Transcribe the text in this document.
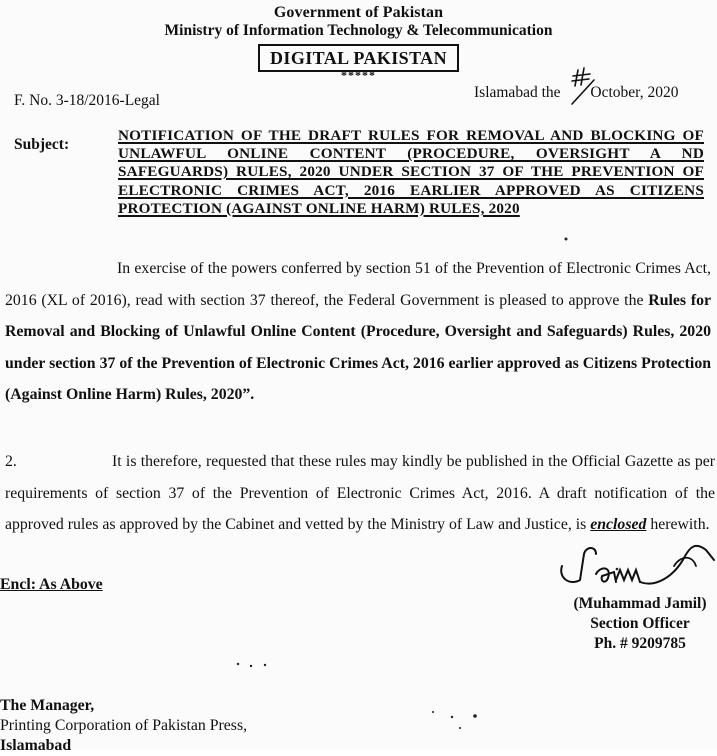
Government of Pakistan
Ministry of Information Technology & Telecommunication
DIGITAL PAKISTAN
*****
F. No. 3-18/2016-Legal	Islamabad the October, 2020
Subject:
NOTIFICATION OF THE DRAFT RULES FOR REMOVAL AND BLOCKING OF UNLAWFUL ONLINE CONTENT (PROCEDURE, OVERSIGHT A ND SAFEGUARDS) RULES, 2020 UNDER SECTION 37 OF THE PREVENTION OF ELECTRONIC CRIMES ACT, 2016 EARLIER APPROVED AS CITIZENS PROTECTION (AGAINST ONLINE HARM) RULES, 2020
In exercise of the powers conferred by section 51 of the Prevention of Electronic Crimes Act, 2016 (XL of 2016), read with section 37 thereof, the Federal Government is pleased to approve the Rules for Removal and Blocking of Unlawful Online Content (Procedure, Oversight and Safeguards) Rules, 2020 under section 37 of the Prevention of Electronic Crimes Act, 2016 earlier approved as Citizens Protection (Against Online Harm) Rules, 2020”.
2.	It is therefore, requested that these rules may kindly be published in the Official Gazette as per requirements of section 37 of the Prevention of Electronic Crimes Act, 2016. A draft notification of the approved rules as approved by the Cabinet and vetted by the Ministry of Law and Justice, is enclosed herewith.
Encl: As Above
(Muhammad Jamil)
Section Officer
Ph. # 9209785
The Manager,
Printing Corporation of Pakistan Press,
Islamabad
